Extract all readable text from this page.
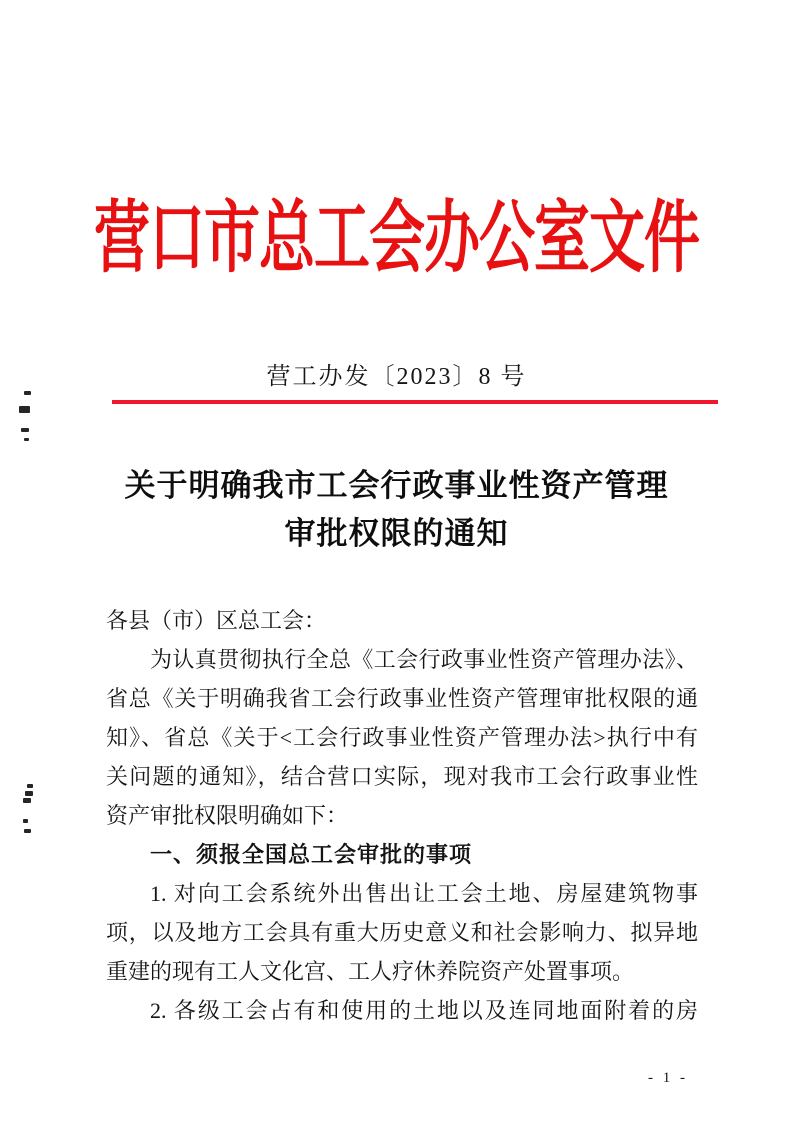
营口市总工会办公室文件
营工办发〔2023〕8 号
关于明确我市工会行政事业性资产管理
审批权限的通知
各县（市）区总工会：
为认真贯彻执行全总《工会行政事业性资产管理办法》、
省总《关于明确我省工会行政事业性资产管理审批权限的通
知》、省总《关于<工会行政事业性资产管理办法>执行中有
关问题的通知》，结合营口实际，现对我市工会行政事业性
资产审批权限明确如下：
一、须报全国总工会审批的事项
1. 对向工会系统外出售出让工会土地、房屋建筑物事
项，以及地方工会具有重大历史意义和社会影响力、拟异地
重建的现有工人文化宫、工人疗休养院资产处置事项。
2. 各级工会占有和使用的土地以及连同地面附着的房
- 1 -
